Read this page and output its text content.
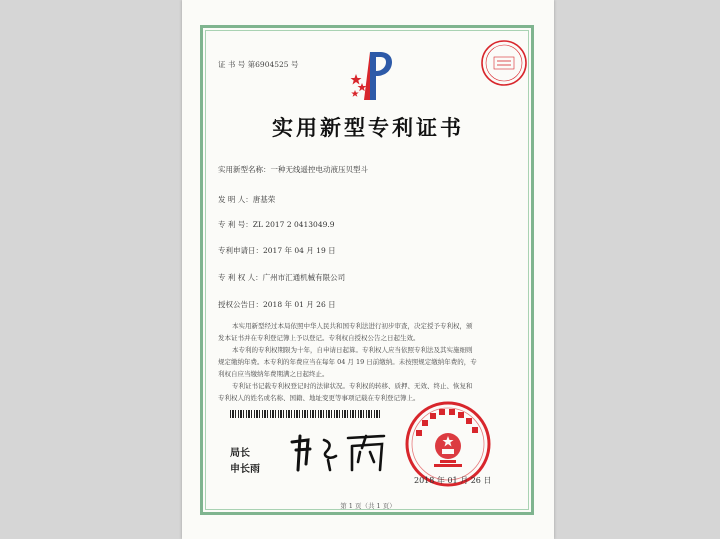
证 书 号 第6904525 号
实用新型专利证书
实用新型名称：一种无线遥控电动液压贝型斗
发 明 人：唐基荣
专 利 号：ZL 2017 2 0413049.9
专利申请日：2017 年 04 月 19 日
专 利 权 人：广州市汇通机械有限公司
授权公告日：2018 年 01 月 26 日
本实用新型经过本局依照中华人民共和国专利法进行初步审查，决定授予专利权，颁
发本证书并在专利登记簿上予以登记。专利权自授权公告之日起生效。
本专利的专利权期限为十年，自申请日起算。专利权人应当依照专利法及其实施细则
规定缴纳年费。本专利的年费应当在每年 04 月 19 日前缴纳。未按照规定缴纳年费的，专
利权自应当缴纳年费期满之日起终止。
专利证书记载专利权登记时的法律状况。专利权的转移、质押、无效、终止、恢复和
专利权人的姓名或名称、国籍、地址变更等事项记载在专利登记簿上。
局长
申长雨
2018 年 01 月 26 日
第 1 页（共 1 页）
